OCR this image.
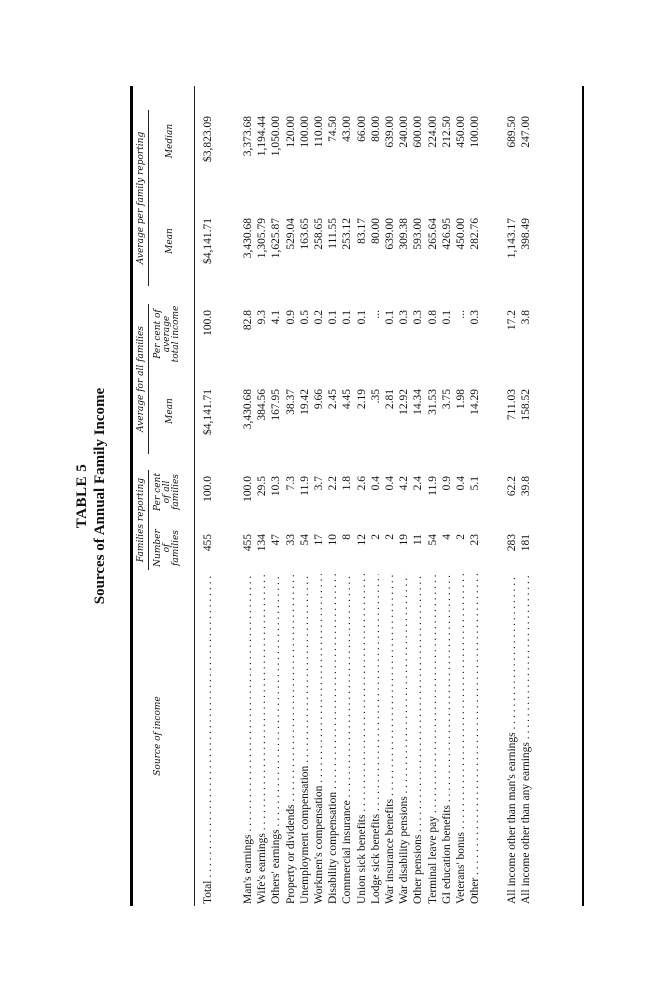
TABLE 5 Sources of Annual Family Income	Families reporting
Average for all families
Average per family reporting
Source of income
Number of families
Per cent of all families
Mean
Per cent of average total income
Mean
Median
Total . . .
455
100.0
$4,141.71
100.0
$4,141.71
$3,823.09
Man's earnings . . .
455
100.0
3,430.68
82.8
3,430.68
3,373.68
Wife's earnings . . .
134
29.5
384.56
9.3
1,305.79
1,194.44
Others' earnings . . .
47
10.3
167.95
4.1
1,625.87
1,050.00
Property or dividends . . .
33
7.3
38.37
0.9
529.04
120.00
Unemployment compensation . . .
54
11.9
19.42
0.5
163.65
100.00
Workmen's compensation . . .
17
3.7
9.66
0.2
258.65
110.00
Disability compensation . . .
10
2.2
2.45
0.1
111.55
74.50
Commercial insurance . . .
8
1.8
4.45
0.1
253.12
43.00
Union sick benefits . . .
12
2.6
2.19
0.1
83.17
66.00
Lodge sick benefits . . .
2
0.4
.35
...
80.00
80.00
War insurance benefits . . .
2
0.4
2.81
0.1
639.00
639.00
War disability pensions . . .
19
4.2
12.92
0.3
309.38
240.00
Other pensions . . .
11
2.4
14.34
0.3
593.00
600.00
Terminal leave pay . . .
54
11.9
31.53
0.8
265.64
224.00
GI education benefits . . .
4
0.9
3.75
0.1
426.95
212.50
Veterans' bonus . . .
2
0.4
1.98
...
450.00
450.00
Other . . .
23
5.1
14.29
0.3
282.76
100.00
All income other than man's earnings . . .
283
62.2
711.03
17.2
1,143.17
689.50
All income other than any earnings . . .
181
39.8
158.52
3.8
398.49
247.00
